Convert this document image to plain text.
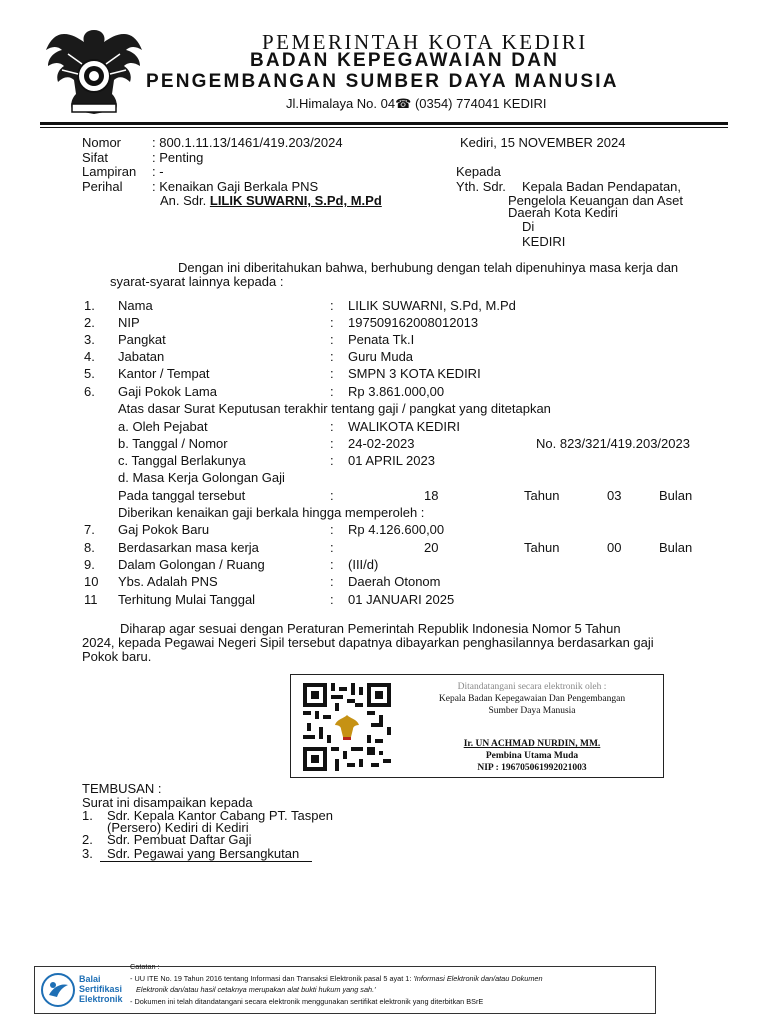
PEMERINTAH KOTA KEDIRI
BADAN KEPEGAWAIAN DAN
PENGEMBANGAN SUMBER DAYA MANUSIA
Jl.Himalaya No. 04☎ (0354) 774041 KEDIRI
Nomor : 800.1.11.13/1461/419.203/2024
Sifat	: Penting
Lampiran : -
Perihal : Kenaikan Gaji Berkala PNS
An. Sdr. LILIK SUWARNI, S.Pd, M.Pd
Kediri, 15 NOVEMBER 2024
Kepada
Yth. Sdr. Kepala Badan Pendapatan,
Pengelola Keuangan dan Aset
Daerah Kota Kediri
Di
KEDIRI
Dengan ini diberitahukan bahwa, berhubung dengan telah dipenuhinya masa kerja dan
syarat-syarat lainnya kepada :
1. Nama	: LILIK SUWARNI, S.Pd, M.Pd
2. NIP	: 197509162008012013
3. Pangkat	: Penata Tk.I
4. Jabatan	: Guru Muda
5. Kantor / Tempat	: SMPN 3 KOTA KEDIRI
6. Gaji Pokok Lama	: Rp 3.861.000,00
Atas dasar Surat Keputusan terakhir tentang gaji / pangkat yang ditetapkan
a. Oleh Pejabat	: WALIKOTA KEDIRI
b. Tanggal / Nomor	: 24-02-2023	No. 823/321/419.203/2023
c. Tanggal Berlakunya	: 01 APRIL 2023
d. Masa Kerja Golongan Gaji
Pada tanggal tersebut	:	18	Tahun	03	Bulan
Diberikan kenaikan gaji berkala hingga memperoleh :
7. Gaj Pokok Baru	: Rp 4.126.600,00
8. Berdasarkan masa kerja	:	20	Tahun	00	Bulan
9. Dalam Golongan / Ruang	: (III/d)
10 Ybs. Adalah PNS	: Daerah Otonom
11 Terhitung Mulai Tanggal	: 01 JANUARI 2025
Diharap agar sesuai dengan Peraturan Pemerintah Republik Indonesia Nomor 5 Tahun
2024, kepada Pegawai Negeri Sipil tersebut dapatnya dibayarkan penghasilannya berdasarkan gaji
Pokok baru.
Ditandatangani secara elektronik oleh :
Kepala Badan Kepegawaian Dan Pengembangan
Sumber Daya Manusia
Ir. UN ACHMAD NURDIN, MM.
Pembina Utama Muda
NIP : 196705061992021003
TEMBUSAN :
Surat ini disampaikan kepada
1. Sdr. Kepala Kantor Cabang PT. Taspen
(Persero) Kediri di Kediri
2. Sdr. Pembuat Daftar Gaji
3. Sdr. Pegawai yang Bersangkutan
Balai
Sertifikasi
Elektronik
Catatan :
- UU ITE No. 19 Tahun 2016 tentang Informasi dan Transaksi Elektronik pasal 5 ayat 1: 'Informasi Elektronik dan/atau Dokumen
Elektronik dan/atau hasil cetaknya merupakan alat bukti hukum yang sah.'
- Dokumen ini telah ditandatangani secara elektronik menggunakan sertifikat elektronik yang diterbitkan BSrE
